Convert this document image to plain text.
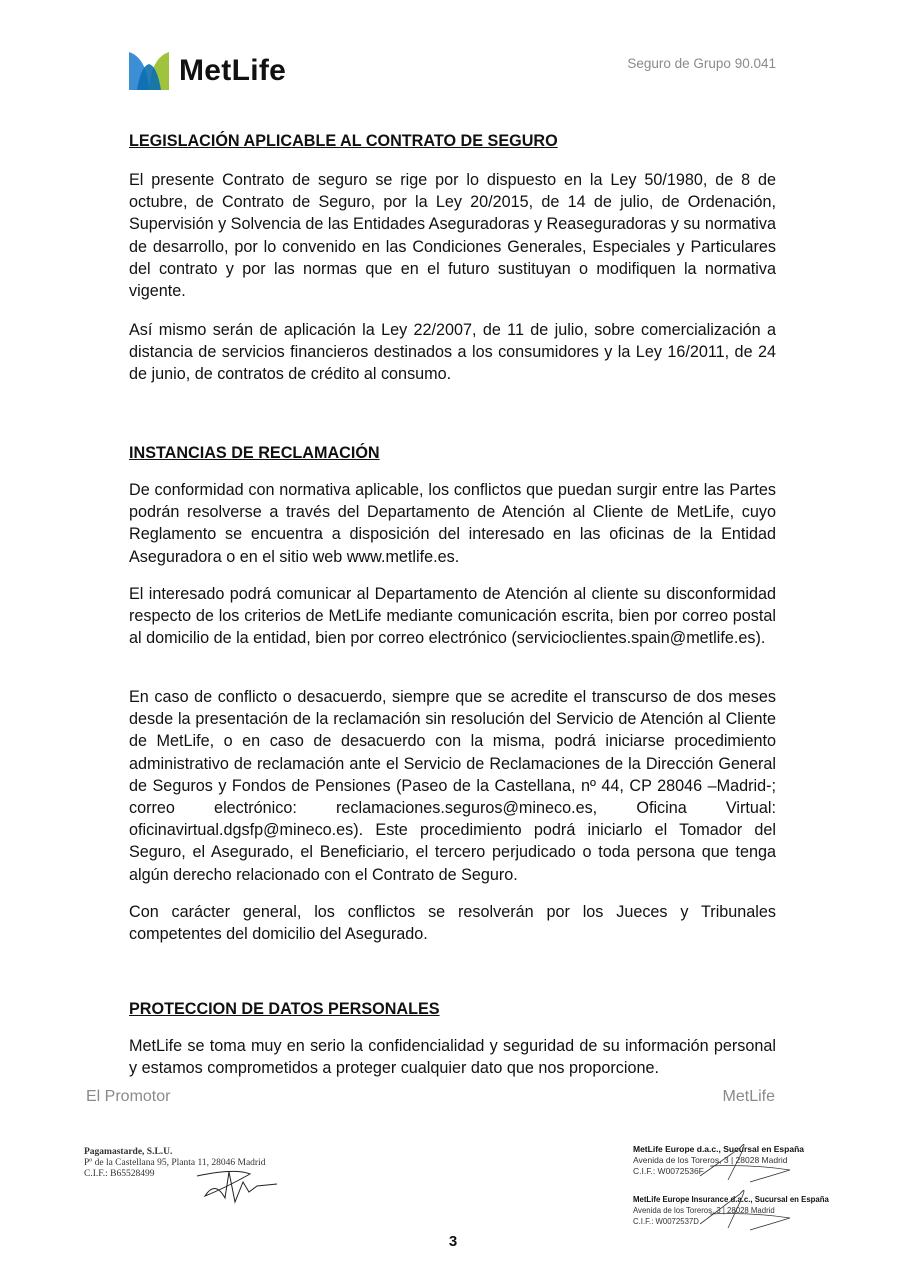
MetLife	Seguro de Grupo 90.041

LEGISLACIÓN APLICABLE AL CONTRATO DE SEGURO

El presente Contrato de seguro se rige por lo dispuesto en la Ley 50/1980, de 8 de octubre, de Contrato de Seguro, por la Ley 20/2015, de 14 de julio, de Ordenación, Supervisión y Solvencia de las Entidades Aseguradoras y Reaseguradoras y su normativa de desarrollo, por lo convenido en las Condiciones Generales, Especiales y Particulares del contrato y por las normas que en el futuro sustituyan o modifiquen la normativa vigente.

Así mismo serán de aplicación la Ley 22/2007, de 11 de julio, sobre comercialización a distancia de servicios financieros destinados a los consumidores y la Ley 16/2011, de 24 de junio, de contratos de crédito al consumo.

INSTANCIAS DE RECLAMACIÓN

De conformidad con normativa aplicable, los conflictos que puedan surgir entre las Partes podrán resolverse a través del Departamento de Atención al Cliente de MetLife, cuyo Reglamento se encuentra a disposición del interesado en las oficinas de la Entidad Aseguradora o en el sitio web www.metlife.es.

El interesado podrá comunicar al Departamento de Atención al cliente su disconformidad respecto de los criterios de MetLife mediante comunicación escrita, bien por correo postal al domicilio de la entidad, bien por correo electrónico (servicioclientes.spain@metlife.es).

En caso de conflicto o desacuerdo, siempre que se acredite el transcurso de dos meses desde la presentación de la reclamación sin resolución del Servicio de Atención al Cliente de MetLife, o en caso de desacuerdo con la misma, podrá iniciarse procedimiento administrativo de reclamación ante el Servicio de Reclamaciones de la Dirección General de Seguros y Fondos de Pensiones (Paseo de la Castellana, nº 44, CP 28046 –Madrid-; correo electrónico: reclamaciones.seguros@mineco.es, Oficina Virtual: oficinavirtual.dgsfp@mineco.es). Este procedimiento podrá iniciarlo el Tomador del Seguro, el Asegurado, el Beneficiario, el tercero perjudicado o toda persona que tenga algún derecho relacionado con el Contrato de Seguro.

Con carácter general, los conflictos se resolverán por los Jueces y Tribunales competentes del domicilio del Asegurado.

PROTECCION DE DATOS PERSONALES

MetLife se toma muy en serio la confidencialidad y seguridad de su información personal y estamos comprometidos a proteger cualquier dato que nos proporcione.

El Promotor	MetLife
Pagamastarde, S.L.U.
Pº de la Castellana 95, Planta 11, 28046 Madrid
C.I.F.: B65528499
MetLife Europe d.a.c., Sucursal en España
Avenida de los Toreros, 3 | 28028 Madrid
C.I.F.: W0072536F
MetLife Europe Insurance d.a.c., Sucursal en España
Avenida de los Toreros, 3 | 28028 Madrid
C.I.F.: W0072537D
3
